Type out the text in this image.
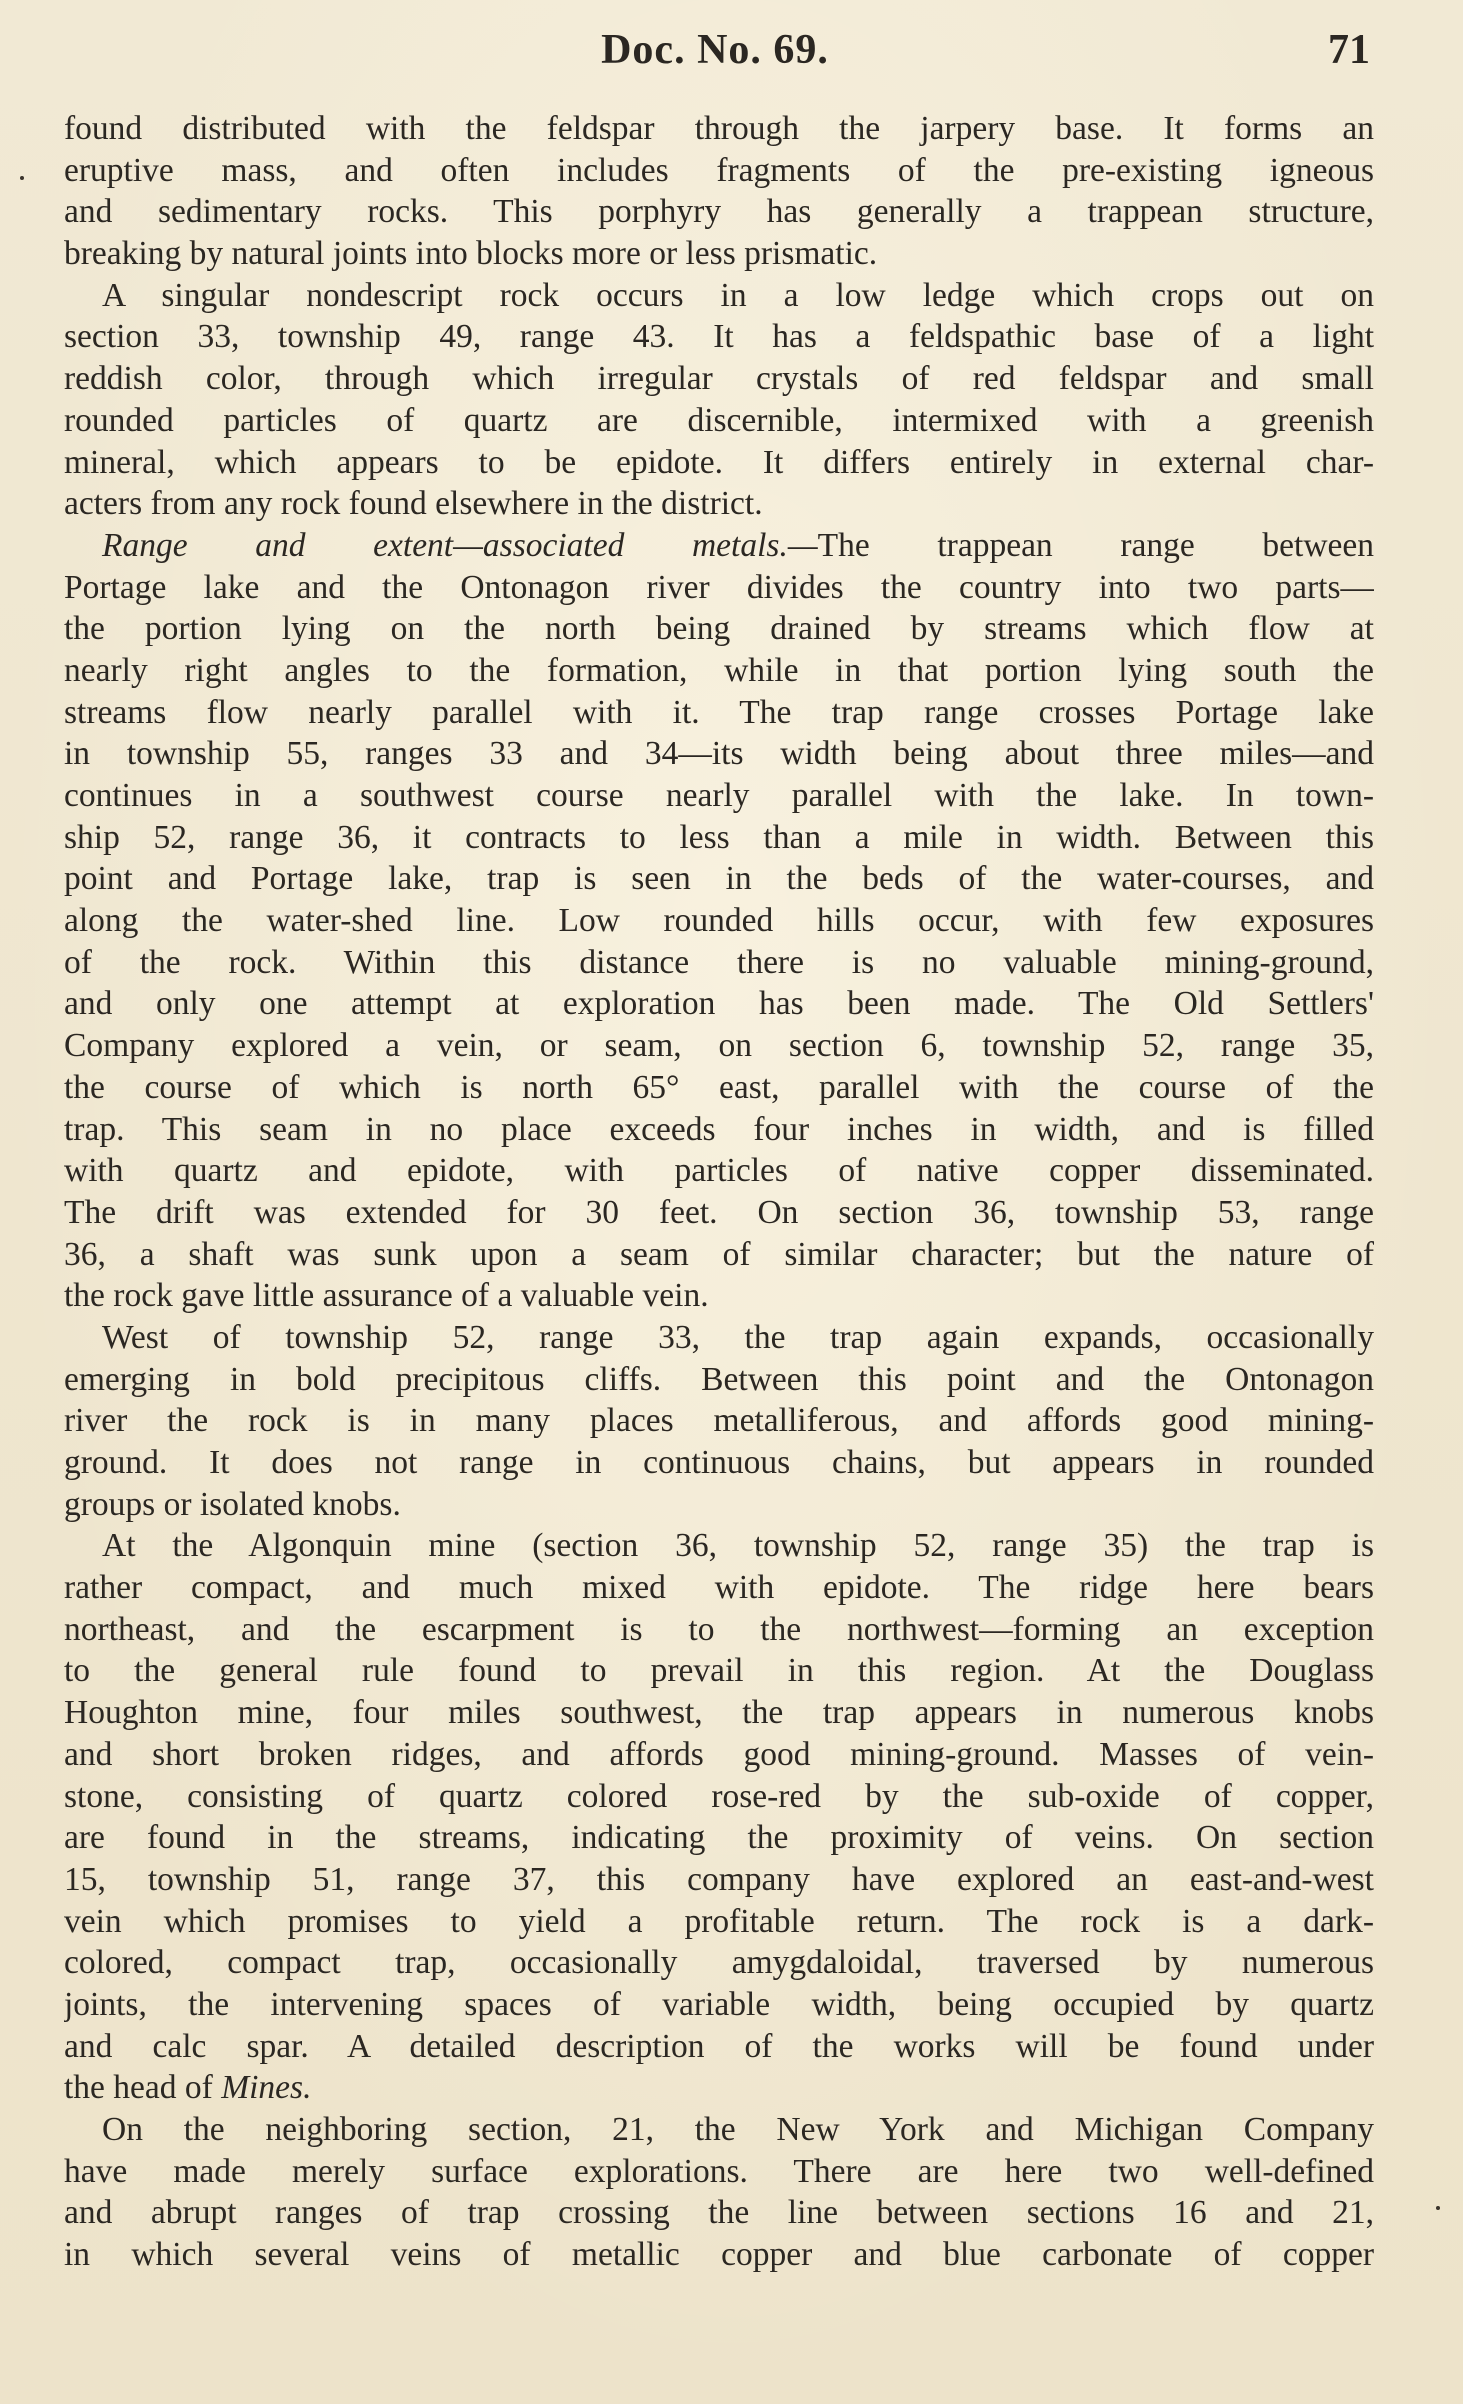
Doc. No. 69.	71
found distributed with the feldspar through the jarpery base. It forms an
eruptive mass, and often includes fragments of the pre-existing igneous
and sedimentary rocks. This porphyry has generally a trappean structure,
breaking by natural joints into blocks more or less prismatic.
A singular nondescript rock occurs in a low ledge which crops out on
section 33, township 49, range 43. It has a feldspathic base of a light
reddish color, through which irregular crystals of red feldspar and small
rounded particles of quartz are discernible, intermixed with a greenish
mineral, which appears to be epidote. It differs entirely in external char-
acters from any rock found elsewhere in the district.
Range and extent—associated metals.—The trappean range between
Portage lake and the Ontonagon river divides the country into two parts—
the portion lying on the north being drained by streams which flow at
nearly right angles to the formation, while in that portion lying south the
streams flow nearly parallel with it. The trap range crosses Portage lake
in township 55, ranges 33 and 34—its width being about three miles—and
continues in a southwest course nearly parallel with the lake. In town-
ship 52, range 36, it contracts to less than a mile in width. Between this
point and Portage lake, trap is seen in the beds of the water-courses, and
along the water-shed line. Low rounded hills occur, with few exposures
of the rock. Within this distance there is no valuable mining-ground,
and only one attempt at exploration has been made. The Old Settlers'
Company explored a vein, or seam, on section 6, township 52, range 35,
the course of which is north 65° east, parallel with the course of the
trap. This seam in no place exceeds four inches in width, and is filled
with quartz and epidote, with particles of native copper disseminated.
The drift was extended for 30 feet. On section 36, township 53, range
36, a shaft was sunk upon a seam of similar character; but the nature of
the rock gave little assurance of a valuable vein.
West of township 52, range 33, the trap again expands, occasionally
emerging in bold precipitous cliffs. Between this point and the Ontonagon
river the rock is in many places metalliferous, and affords good mining-
ground. It does not range in continuous chains, but appears in rounded
groups or isolated knobs.
At the Algonquin mine (section 36, township 52, range 35) the trap is
rather compact, and much mixed with epidote. The ridge here bears
northeast, and the escarpment is to the northwest—forming an exception
to the general rule found to prevail in this region. At the Douglass
Houghton mine, four miles southwest, the trap appears in numerous knobs
and short broken ridges, and affords good mining-ground. Masses of vein-
stone, consisting of quartz colored rose-red by the sub-oxide of copper,
are found in the streams, indicating the proximity of veins. On section
15, township 51, range 37, this company have explored an east-and-west
vein which promises to yield a profitable return. The rock is a dark-
colored, compact trap, occasionally amygdaloidal, traversed by numerous
joints, the intervening spaces of variable width, being occupied by quartz
and calc spar. A detailed description of the works will be found under
the head of Mines.
On the neighboring section, 21, the New York and Michigan Company
have made merely surface explorations. There are here two well-defined
and abrupt ranges of trap crossing the line between sections 16 and 21,
in which several veins of metallic copper and blue carbonate of copper
